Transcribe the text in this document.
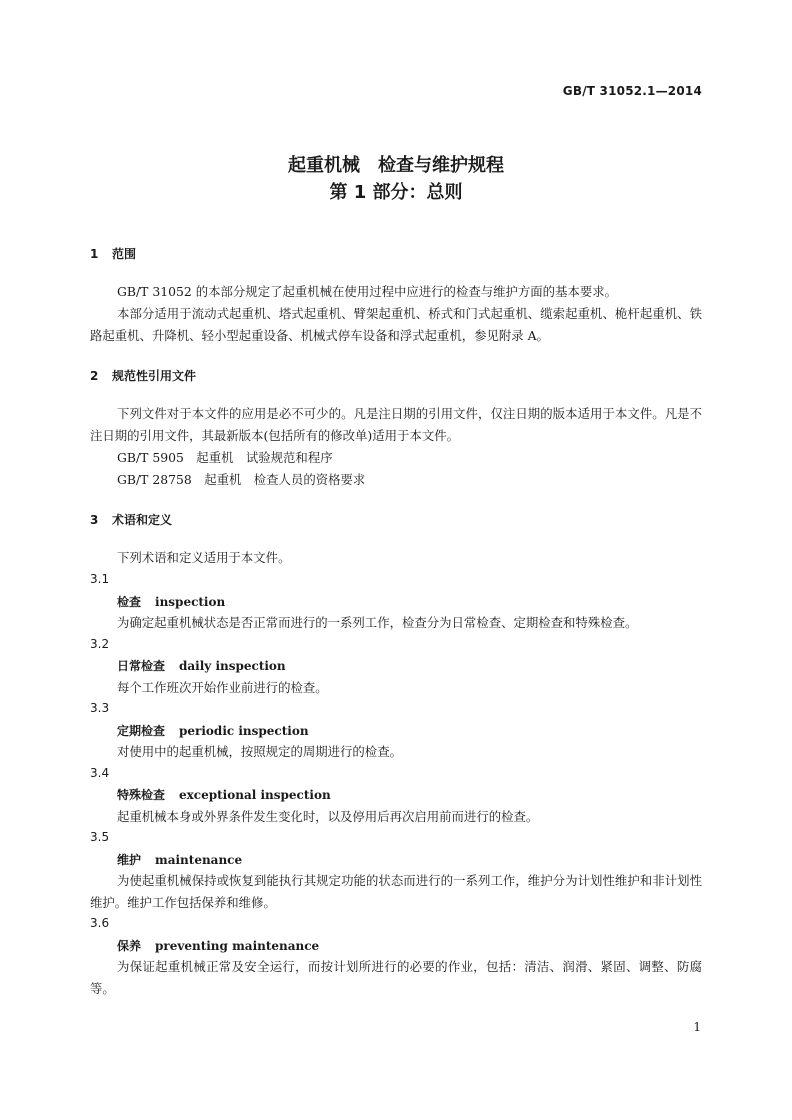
GB/T 31052.1—2014
起重机械　检查与维护规程
第 1 部分：总则
1 范围
GB/T 31052 的本部分规定了起重机械在使用过程中应进行的检查与维护方面的基本要求。
本部分适用于流动式起重机、塔式起重机、臂架起重机、桥式和门式起重机、缆索起重机、桅杆起重机、铁路起重机、升降机、轻小型起重设备、机械式停车设备和浮式起重机，参见附录 A。
2 规范性引用文件
下列文件对于本文件的应用是必不可少的。凡是注日期的引用文件，仅注日期的版本适用于本文件。凡是不注日期的引用文件，其最新版本(包括所有的修改单)适用于本文件。
GB/T 5905　起重机　试验规范和程序
GB/T 28758　起重机　检查人员的资格要求
3 术语和定义
下列术语和定义适用于本文件。
3.1
检查 inspection
为确定起重机械状态是否正常而进行的一系列工作，检查分为日常检查、定期检查和特殊检查。
3.2
日常检查 daily inspection
每个工作班次开始作业前进行的检查。
3.3
定期检查 periodic inspection
对使用中的起重机械，按照规定的周期进行的检查。
3.4
特殊检查 exceptional inspection
起重机械本身或外界条件发生变化时，以及停用后再次启用前而进行的检查。
3.5
维护 maintenance
为使起重机械保持或恢复到能执行其规定功能的状态而进行的一系列工作，维护分为计划性维护和非计划性维护。维护工作包括保养和维修。
3.6
保养 preventing maintenance
为保证起重机械正常及安全运行，而按计划所进行的必要的作业，包括：清洁、润滑、紧固、调整、防腐等。
1
